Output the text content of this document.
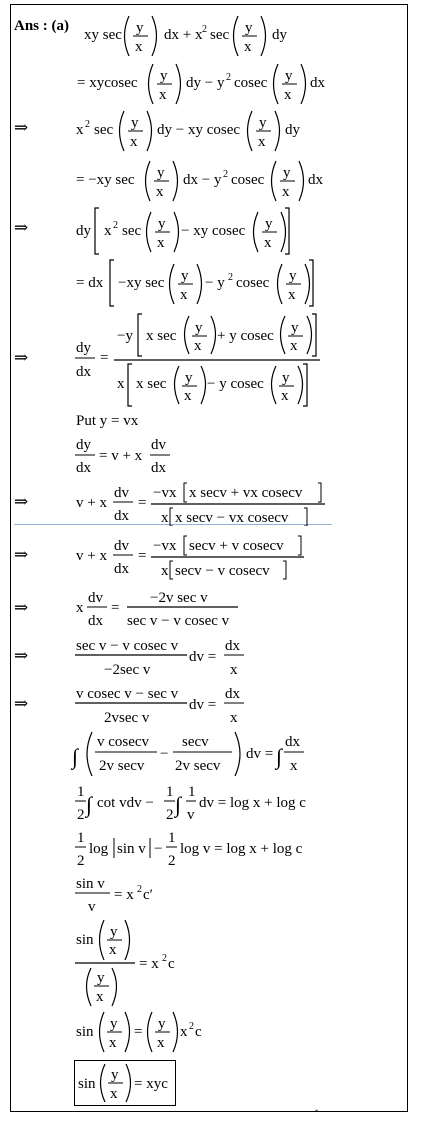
Ans : (a)
⇒
⇒
⇒
⇒
⇒
⇒
⇒
⇒
xy sec y
x
dx + x 2 sec y
x
dy
= xycosec y
x
dy − y 2 cosec y
x
dx
x 2 sec y
x
dy − xy cosec y
x
dy
= −xy sec y
x
dx − y 2 cosec y
x
dx
dy x 2 sec y
x
− xy cosec y
x
= dx −xy sec y
x
− y 2 cosec y
x
dy
dx
=
−y x sec y
x
+ y cosec y
x
x x sec y
x
− y cosec y
x
Put y = vx
dy
dx
= v + x
dv
dx
v + x
dv
dx
=
−vx x secv + vx cosecv
x x secv − vx cosecv
v + x
dv
dx
=
−vx secv + v cosecv
x secv − v cosecv
x
dv
dx
=
−2v sec v
sec v − v cosec v
sec v − v cosec v
−2sec v
dv =
dx
x
v cosec v − sec v
2vsec v
dv =
dx
x
∫
v cosecv
2v secv
−
secv
2v secv
dv = ∫
dx
x
1
2 ∫ cot vdv −
1
2 ∫ 1
v
dv = log x + log c
1
2
log sin v −
1
2
log v = log x + log c
sin v
v
= x 2 c′
sin y
x
y
x
= x 2 c
sin y
x
= y
x
x 2 c
sin
y
x
= xyc
ˇ
